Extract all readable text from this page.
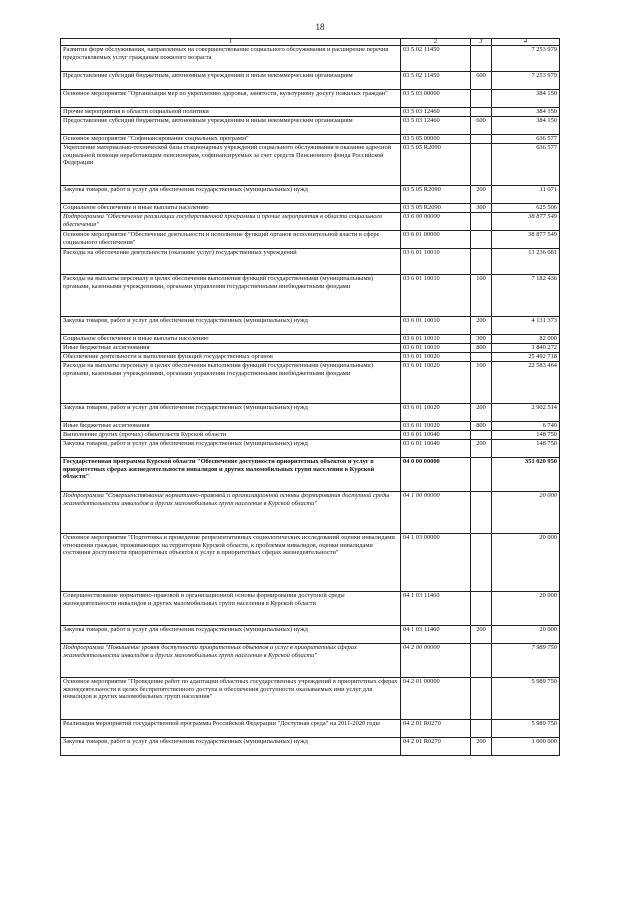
18
1	2	3	4
Развитие форм обслуживания, направленных на совершенствование социального обслуживания и расширение перечня предоставляемых услуг гражданам пожилого возраста	03 5 02 11450		7 253 979
Предоставление субсидий бюджетным, автономным учреждениям и иным некоммерческим организациям	03 5 02 11450	600	7 253 979
Основное мероприятие "Организация мер по укреплению здоровья, занятости, культурному досугу пожилых граждан"	03 5 03 00000		384 150
Прочие мероприятия в области социальной политики	03 5 03 12460		384 150
Предоставление субсидий бюджетным, автономным учреждениям и иным некоммерческим организациям	03 5 03 12460	600	384 150
Основное мероприятие "Софинансирование социальных программ"	03 5 05 00000		636 577
Укрепление материально-технической базы стационарных учреждений социального обслуживания и оказание адресной социальной помощи неработающим пенсионерам, софинансируемых за счет средств Пенсионного фонда Российской Федерации	03 5 05 R2090		636 577
Закупка товаров, работ и услуг для обеспечения государственных (муниципальных) нужд	03 5 05 R2090	200	11 071
Социальное обеспечение и иные выплаты населению	03 5 05 R2090	300	625 506
Подпрограмма "Обеспечение реализации государственной программы и прочие мероприятия в области социального обеспечения"	03 6 00 00000		38 877 549
Основное мероприятие "Обеспечение деятельности и исполнение функций органов исполнительной власти в сфере социального обеспечения"	03 6 01 00000		38 877 549
Расходы на обеспечение деятельности (оказание услуг) государственных учреждений	03 6 01 10010		13 236 081
Расходы на выплаты персоналу в целях обеспечения выполнения функций государственными (муниципальными) органами, казенными учреждениями, органами управления государственными внебюджетными фондами	03 6 01 10010	100	7 182 436
Закупка товаров, работ и услуг для обеспечения государственных (муниципальных) нужд	03 6 01 10010	200	4 131 373
Социальное обеспечение и иные выплаты населению	03 6 01 10010	300	82 000
Иные бюджетные ассигнования	03 6 01 10010	800	1 840 272
Обеспечение деятельности и выполнение функций государственных органов	03 6 01 10020		25 492 718
Расходы на выплаты персоналу в целях обеспечения выполнения функций государственными (муниципальными) органами, казенными учреждениями, органами управления государственными внебюджетными фондами	03 6 01 10020	100	22 583 464
Закупка товаров, работ и услуг для обеспечения государственных (муниципальных) нужд	03 6 01 10020	200	2 902 514
Иные бюджетные ассигнования	03 6 01 10020	800	6 740
Выполнение других (прочих) обязательств Курской области	03 6 01 10040		148 750
Закупка товаров, работ и услуг для обеспечения государственных (муниципальных) нужд	03 6 01 10040	200	148 750
Государственная программа Курской области "Обеспечение доступности приоритетных объектов и услуг в приоритетных сферах жизнедеятельности инвалидов и других маломобильных групп населения в Курской области"	04 0 00 00000		351 020 950
Подпрограмма "Совершенствование нормативно-правовой и организационной основы формирования доступной среды жизнедеятельности инвалидов и других маломобильных групп населения в Курской области"	04 1 00 00000		20 000
Основное мероприятие "Подготовка и проведение репрезентативных социологических исследований оценки инвалидами отношения граждан, проживающих на территории Курской области, к проблемам инвалидов, оценки инвалидами состояния доступности приоритетных объектов и услуг в приоритетных сферах жизнедеятельности"	04 1 03 00000		20 000
Совершенствование нормативно-правовой и организационной основы формирования доступной среды жизнедеятельности инвалидов и других маломобильных групп населения в Курской области	04 1 03 11460		20 000
Закупка товаров, работ и услуг для обеспечения государственных (муниципальных) нужд	04 1 03 11460	200	20 000
Подпрограмма "Повышение уровня доступности приоритетных объектов и услуг в приоритетных сферах жизнедеятельности инвалидов и других маломобильных групп населения в Курской области"	04 2 00 00000		7 989 750
Основное мероприятие "Проведение работ по адаптации областных государственных учреждений в приоритетных сферах жизнедеятельности в целях беспрепятственного доступа и обеспечения доступности оказываемых ими услуг для инвалидов и других маломобильных групп населения"	04 2 01 00000		5 989 750
Реализация мероприятий государственной программы Российской Федерации "Доступная среда" на 2011-2020 годы	04 2 01 R0270		5 989 750
Закупка товаров, работ и услуг для обеспечения государственных (муниципальных) нужд	04 2 01 R0270	200	1 000 000
